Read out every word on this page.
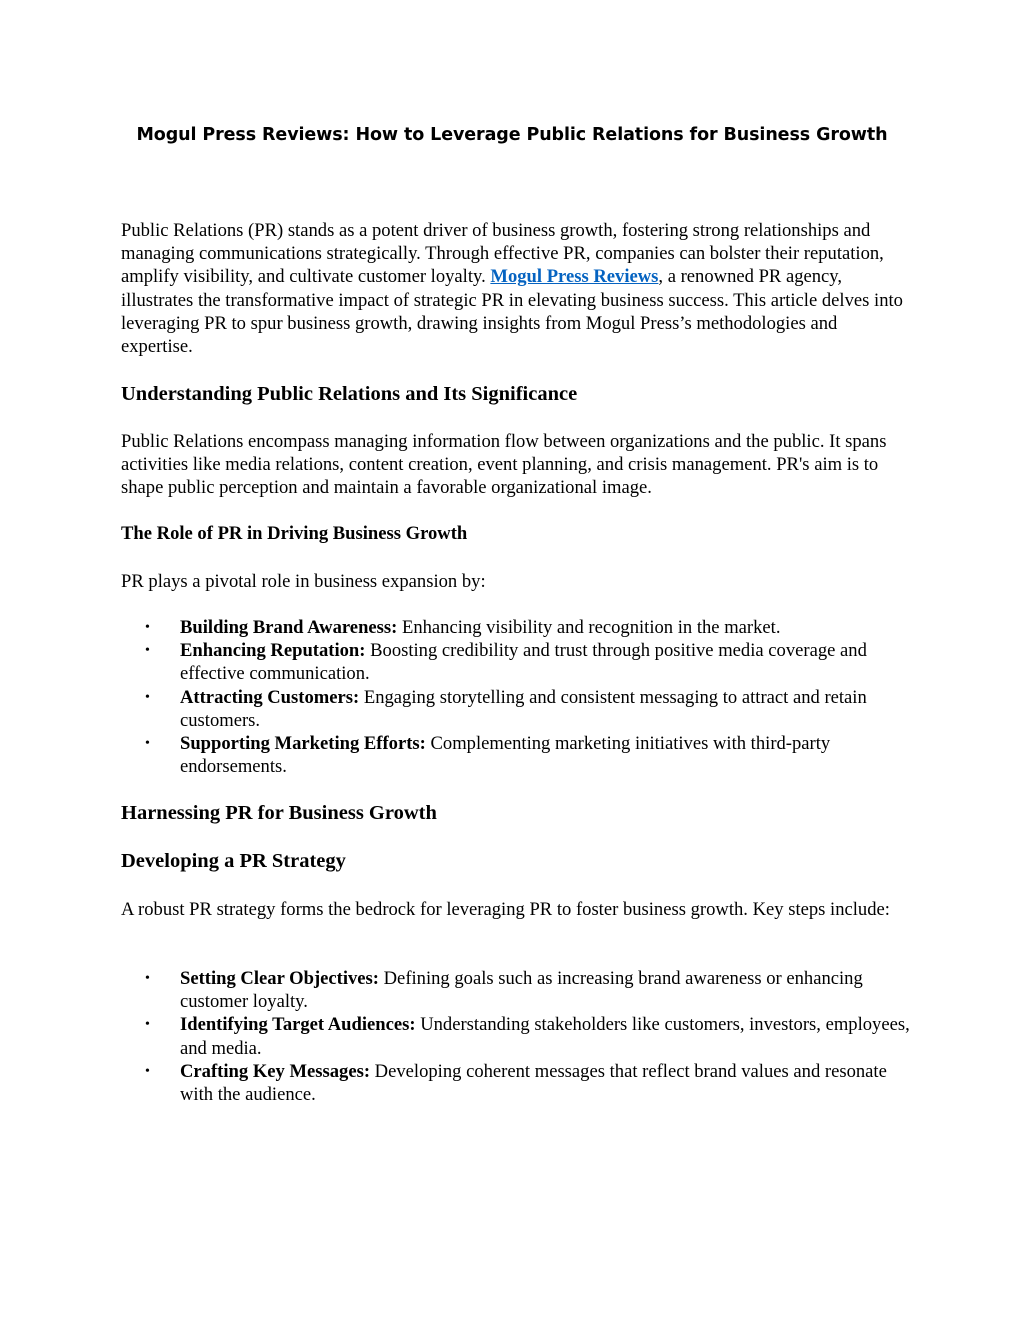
Mogul Press Reviews: How to Leverage Public Relations for Business Growth

Public Relations (PR) stands as a potent driver of business growth, fostering strong relationships and managing communications strategically. Through effective PR, companies can bolster their reputation, amplify visibility, and cultivate customer loyalty. Mogul Press Reviews, a renowned PR agency, illustrates the transformative impact of strategic PR in elevating business success. This article delves into leveraging PR to spur business growth, drawing insights from Mogul Press’s methodologies and expertise.

Understanding Public Relations and Its Significance

Public Relations encompass managing information flow between organizations and the public. It spans activities like media relations, content creation, event planning, and crisis management. PR's aim is to shape public perception and maintain a favorable organizational image.

The Role of PR in Driving Business Growth

PR plays a pivotal role in business expansion by:

• Building Brand Awareness: Enhancing visibility and recognition in the market.
• Enhancing Reputation: Boosting credibility and trust through positive media coverage and effective communication.
• Attracting Customers: Engaging storytelling and consistent messaging to attract and retain customers.
• Supporting Marketing Efforts: Complementing marketing initiatives with third-party endorsements.
Harnessing PR for Business Growth
Developing a PR Strategy

A robust PR strategy forms the bedrock for leveraging PR to foster business growth. Key steps include:

• Setting Clear Objectives: Defining goals such as increasing brand awareness or enhancing customer loyalty.
• Identifying Target Audiences: Understanding stakeholders like customers, investors, employees, and media.
• Crafting Key Messages: Developing coherent messages that reflect brand values and resonate with the audience.
